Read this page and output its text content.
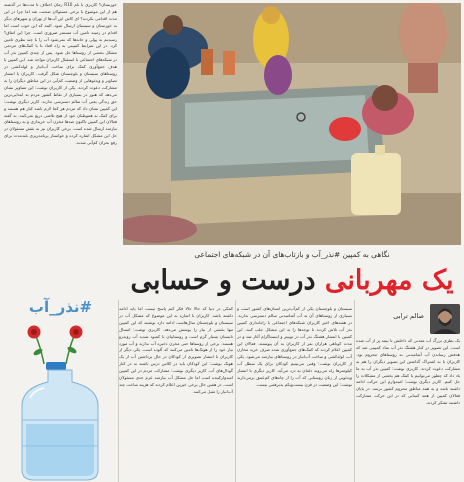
خوزستان؟ کاربری با نام R10 زمان اختلاف تا مدت‌ها در گذشته هم از این موضوع با برخی مسئولان صحبت شد اما چرا در این مدت اقدامی نکردند؟ ای کاش این آب‌ها از تهران و شهرهای دیگر به خوزستان و سیستان ارسال شود. البته که این خوب است اما اقدام در زمینه تامین آب مستمر ضروری است. چرا این اتفاق؟ رسیدیم به پولی و خانه‌ها که نمی‌شود آب را با چند بطری تامین کرد. در این شرایط کمپینی به راه افتاد تا با کمک‌های مردمی مشکل بخشی از روستاها حل شود. پس از چندی کمپین نذر آب در شبکه‌های اجتماعی با استقبال کاربران مواجه شد. این کمپین با هدف جمع‌آوری کمک برای ساخت آب‌انبار و لوله‌کشی در روستاهای سیستان و بلوچستان شکل گرفت. کاربران با انتشار تصاویر و ویدئوهایی از وضعیت کم‌آبی در این مناطق دیگران را به مشارکت دعوت کردند. یکی از کاربران نوشت: این تصاویر نشان می‌دهد که هنوز در بسیاری از نقاط کشور مردم به ابتدایی‌ترین حق زندگی یعنی آب سالم دسترسی ندارند. کاربر دیگری نوشت: این کمپین نشان داد که مردم هر کجا لازم باشد کنار هم هستند و برای کمک به هموطنان خود از هیچ تلاشی دریغ نمی‌کنند. به گفته فعالان این کمپین تاکنون صدها مخزن آب خریداری و به روستاهای نیازمند ارسال شده است. برخی کاربران نیز به نقش مسئولان در حل این مشکل اشاره کرده و خواستار برنامه‌ریزی بلندمدت برای رفع بحران کم‌آبی شدند.
نگاهی به کمپین #نذر_آب و بازتاب‌های آن در شبکه‌های اجتماعی
یک مهربانی درست و حسابی
کمکی در دنیا که حالا حالا فکر کنم پاسخ نیست اما باید ادامه داشته باشد. کاربران با اشاره به این موضوع که مشکل آب در سیستان و بلوچستان سال‌هاست ادامه دارد نوشتند که این کمپین تنها بخشی از نیاز را پوشش می‌دهد. کاربری نوشت: امسال تابستان بسیار گرم است و روستاییان با کمبود شدید آب روبه‌رو هستند. برخی از روستاها حتی مخزن ذخیره آب ندارند و آب مورد نیاز خود را از هوتک‌ها تامین می‌کنند که آلوده است. یکی دیگر از کاربران با انتشار تصویری از کودکان در حال برداشتن آب از یک هوتک نوشت: این کودکان باید در کلاس درس باشند نه در کنار گودال‌های آب. کاربر دیگری نوشت: مشارکت مردم در این کمپین امیدوارکننده است اما حل مشکل آب نیازمند عزم جدی مسئولان است. در همین حال برخی خیرین اعلام کردند که هزینه ساخت چند آب‌انبار را تقبل می‌کنند.
سیستان و بلوچستان یکی از کم‌آب‌ترین استان‌های کشور است و بسیاری از روستاهای آن به آب آشامیدنی سالم دسترسی ندارند. در هفته‌های اخیر کاربران شبکه‌های اجتماعی با راه‌اندازی کمپین نذر آب تلاش کردند تا توجه‌ها را به این مشکل جلب کنند. این کمپین با انتشار هشتگ نذر آب در توییتر و اینستاگرام آغاز شد و در مدت کوتاهی هزاران نفر از کاربران به آن پیوستند. فعالان این کمپین اعلام کردند که کمک‌های جمع‌آوری شده صرف خرید مخازن آب، لوله‌کشی و ساخت آب‌انبار در روستاهای نیازمند می‌شود. یکی از کاربران نوشت: وقتی می‌بینیم کودکان برای یک سطل آب کیلومترها راه می‌روند دلمان به درد می‌آید. کاربر دیگری با انتشار ویدئویی از زنان روستایی که آب را از چاه‌های کم‌عمق برمی‌دارند نوشت: این وضعیت در قرن بیست‌ویکم پذیرفتنی نیست.
صالم ترابی
یک بطری بزرگ آب معدنی که داخلش تا نیمه پر از آب شده است. این تصویر در کنار هشتگ نذر آب نماد کمپینی شد که هدفش رساندن آب آشامیدنی به روستاهای محروم بود. کاربران با به اشتراک گذاشتن این تصویر دیگران را هم به مشارکت دعوت کردند. کاربری نوشت: کمپین نذر آب به ما یاد داد که چطور می‌توانیم با کمک هم بخشی از مشکلات را حل کنیم. کاربر دیگری نوشت: امیدوارم این حرکت ادامه داشته باشد و به همه مناطق محروم کشور برسد. در پایان فعالان کمپین از همه کسانی که در این حرکت مشارکت داشتند تشکر کردند.
#نذر_آب
